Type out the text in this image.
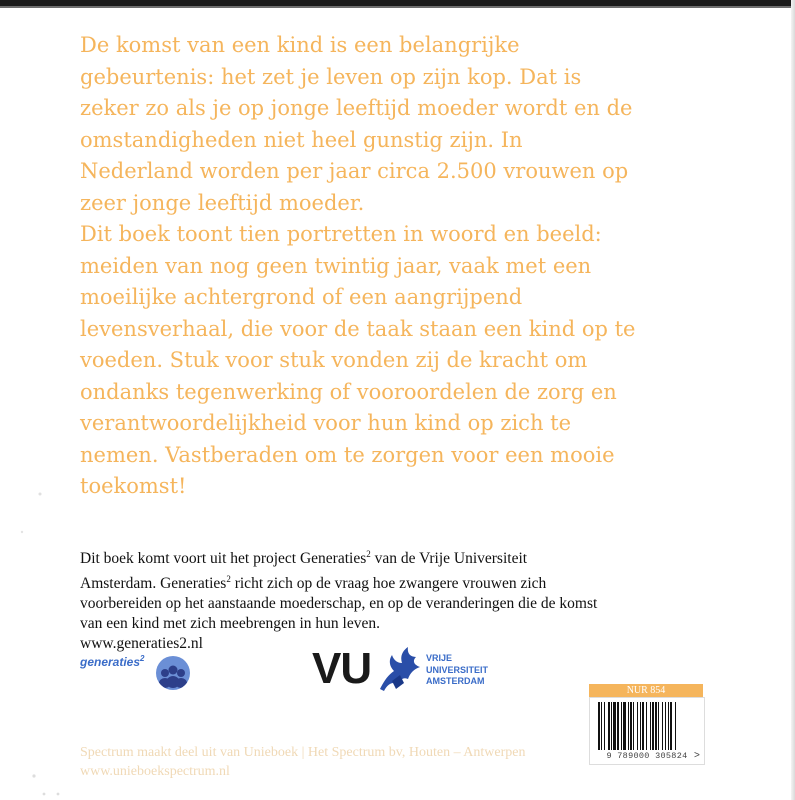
De komst van een kind is een belangrijke gebeurtenis: het zet je leven op zijn kop. Dat is zeker zo als je op jonge leeftijd moeder wordt en de omstandigheden niet heel gunstig zijn. In Nederland worden per jaar circa 2.500 vrouwen op zeer jonge leeftijd moeder.

Dit boek toont tien portretten in woord en beeld: meiden van nog geen twintig jaar, vaak met een moeilijke achtergrond of een aangrijpend levensverhaal, die voor de taak staan een kind op te voeden. Stuk voor stuk vonden zij de kracht om ondanks tegenwerking of vooroordelen de zorg en verantwoordelijkheid voor hun kind op zich te nemen. Vastberaden om te zorgen voor een mooie toekomst!

Dit boek komt voort uit het project Generaties$^2$ van de Vrije Universiteit Amsterdam. Generaties$^2$ richt zich op de vraag hoe zwangere vrouwen zich voorbereiden op het aanstaande moederschap, en op de veranderingen die de komst van een kind met zich meebrengen in hun leven.
www.generaties2.nl

generaties$^2$	VU	VRIJE
UNIVERSITEIT
AMSTERDAM
NUR 854
9 789000 305824 >

Spectrum maakt deel uit van Unieboek | Het Spectrum bv, Houten – Antwerpen

www.unieboekspectrum.nl
